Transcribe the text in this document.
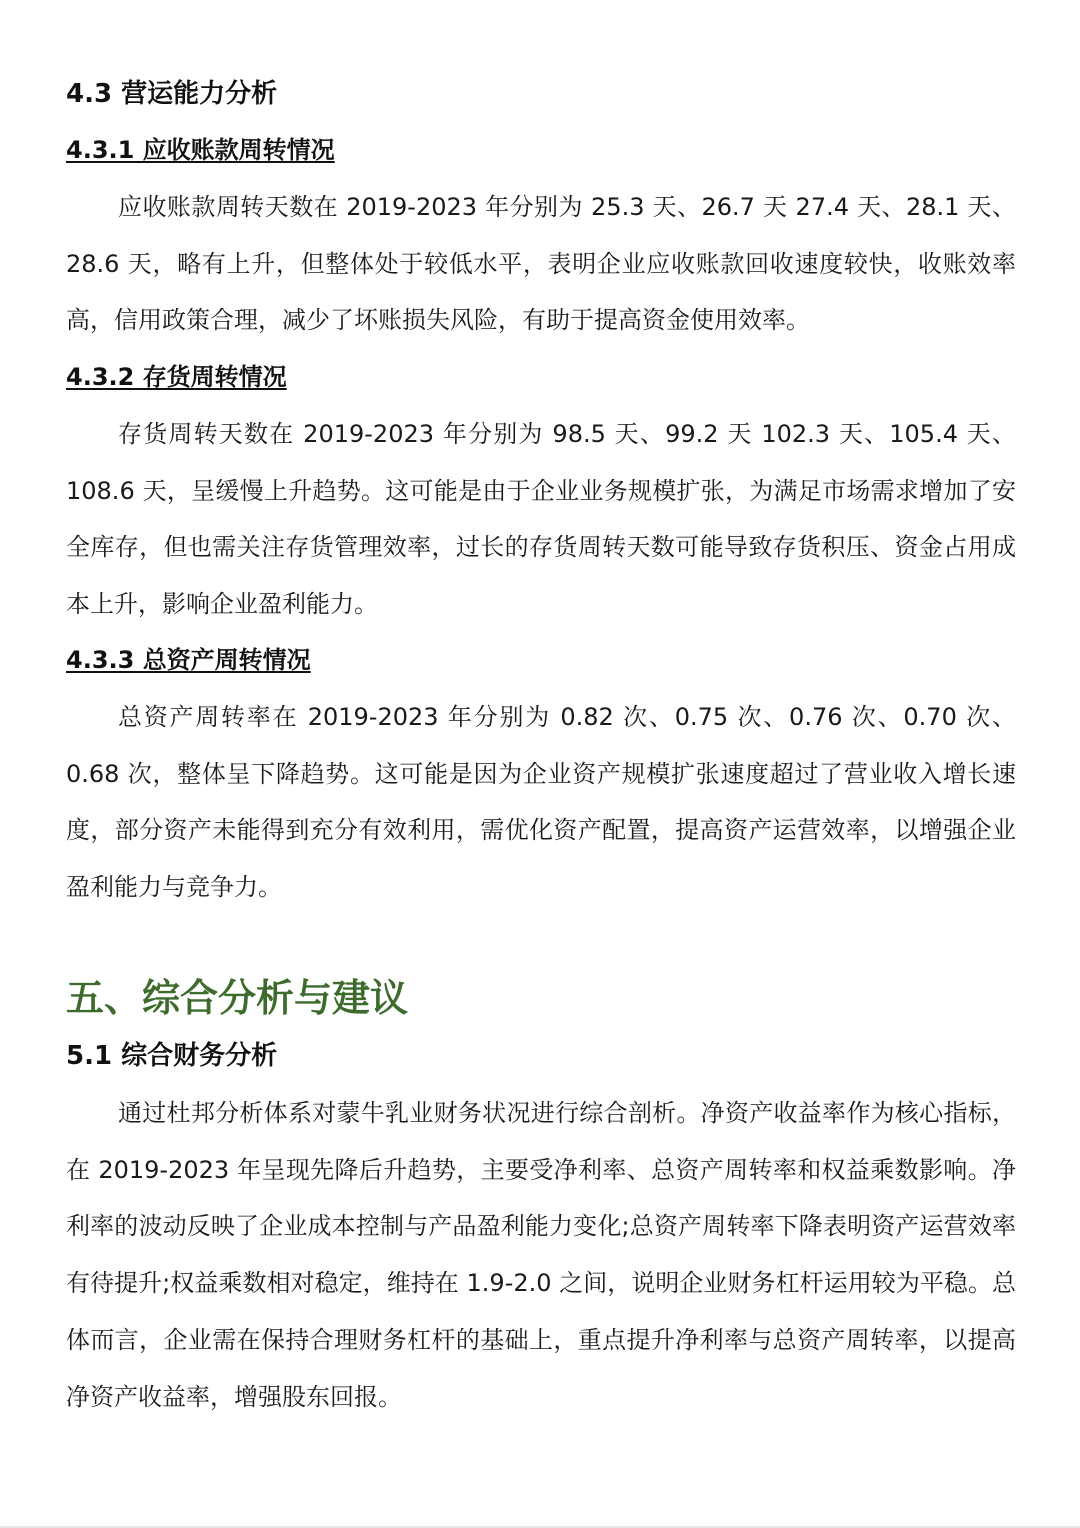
4.3 营运能力分析
4.3.1 应收账款周转情况

应收账款周转天数在 2019-2023 年分别为 25.3 天、26.7 天 27.4 天、28.1 天、28.6 天，略有上升，但整体处于较低水平，表明企业应收账款回收速度较快，收账效率高，信用政策合理，减少了坏账损失风险，有助于提高资金使用效率。

4.3.2 存货周转情况

存货周转天数在 2019-2023 年分别为 98.5 天、99.2 天 102.3 天、105.4 天、108.6 天，呈缓慢上升趋势。这可能是由于企业业务规模扩张，为满足市场需求增加了安全库存，但也需关注存货管理效率，过长的存货周转天数可能导致存货积压、资金占用成本上升，影响企业盈利能力。

4.3.3 总资产周转情况

总资产周转率在 2019-2023 年分别为 0.82 次、0.75 次、0.76 次、0.70 次、0.68 次，整体呈下降趋势。这可能是因为企业资产规模扩张速度超过了营业收入增长速度，部分资产未能得到充分有效利用，需优化资产配置，提高资产运营效率，以增强企业盈利能力与竞争力。

五、综合分析与建议
5.1 综合财务分析

通过杜邦分析体系对蒙牛乳业财务状况进行综合剖析。净资产收益率作为核心指标，在 2019-2023 年呈现先降后升趋势，主要受净利率、总资产周转率和权益乘数影响。净利率的波动反映了企业成本控制与产品盈利能力变化;总资产周转率下降表明资产运营效率有待提升;权益乘数相对稳定，维持在 1.9-2.0 之间，说明企业财务杠杆运用较为平稳。总体而言，企业需在保持合理财务杠杆的基础上，重点提升净利率与总资产周转率，以提高净资产收益率，增强股东回报。
